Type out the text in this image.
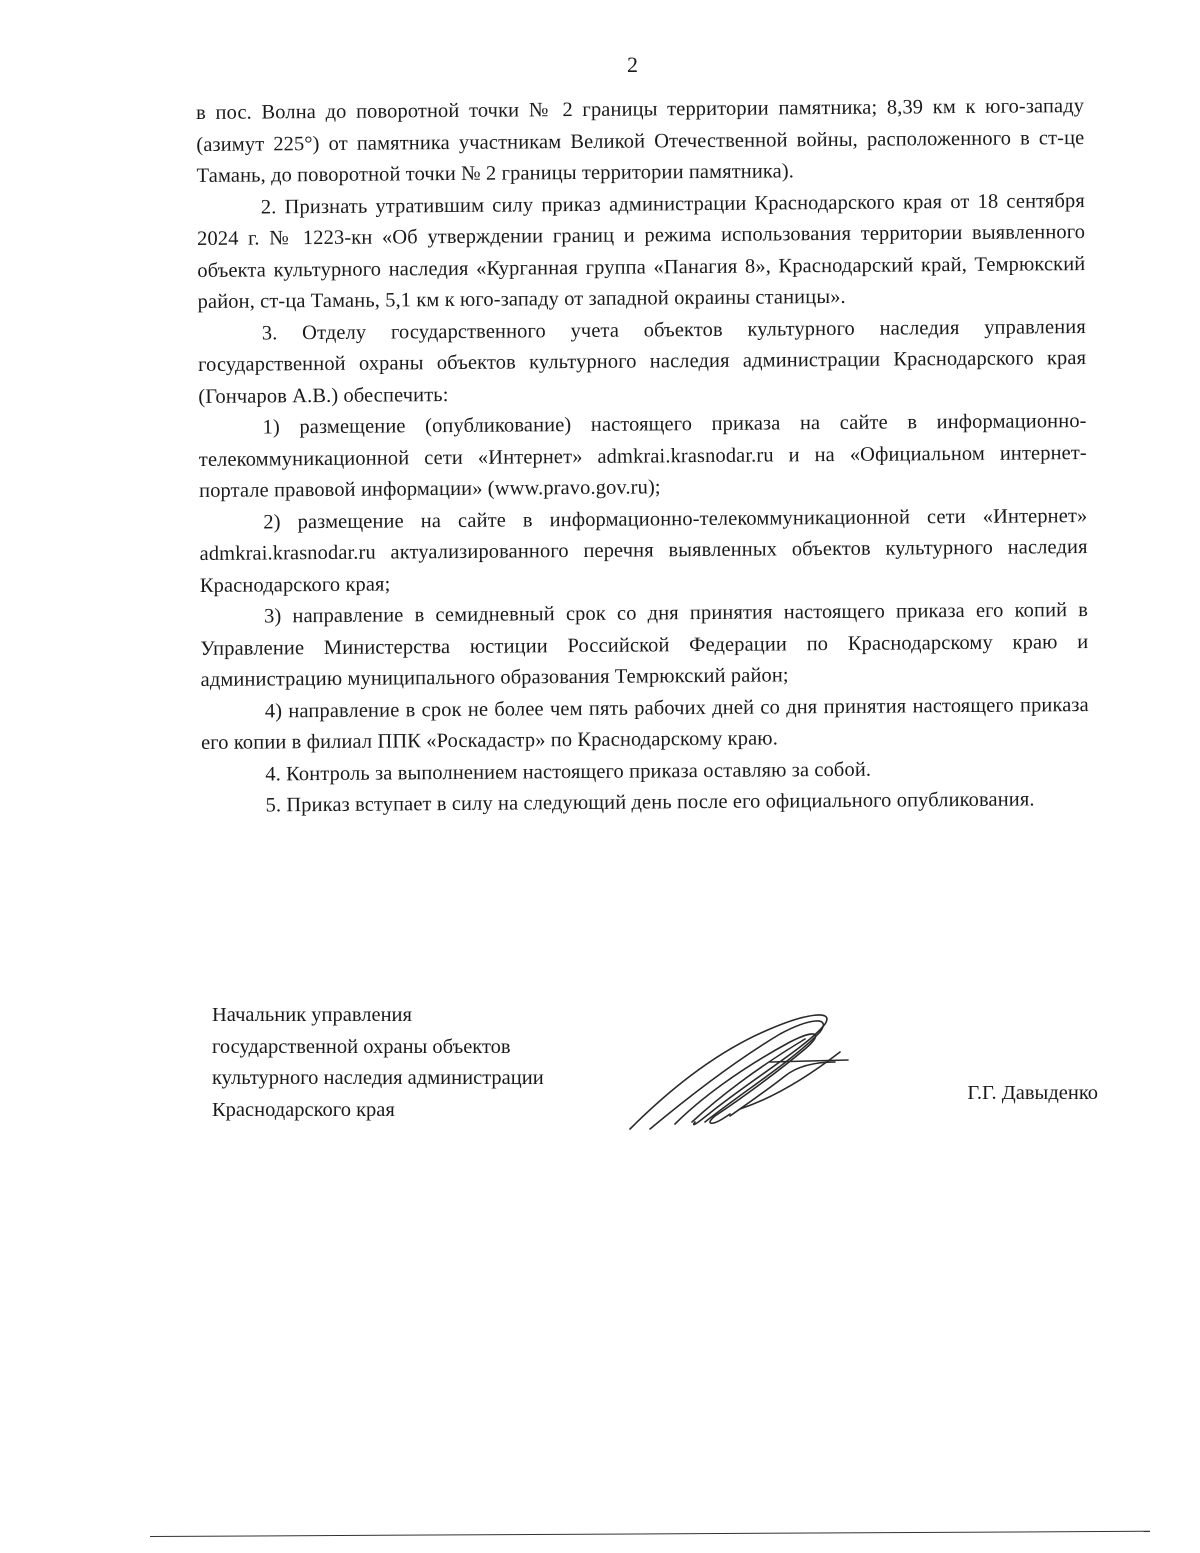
2

в пос. Волна до поворотной точки № 2 границы территории памятника; 8,39 км к юго-западу (азимут 225°) от памятника участникам Великой Отечественной войны, расположенного в ст-це Тамань, до поворотной точки № 2 границы территории памятника).

2. Признать утратившим силу приказ администрации Краснодарского края от 18 сентября 2024 г. № 1223-кн «Об утверждении границ и режима использования территории выявленного объекта культурного наследия «Курганная группа «Панагия 8», Краснодарский край, Темрюкский район, ст-ца Тамань, 5,1 км к юго-западу от западной окраины станицы».

3. Отделу государственного учета объектов культурного наследия управления государственной охраны объектов культурного наследия администрации Краснодарского края (Гончаров А.В.) обеспечить:

1) размещение (опубликование) настоящего приказа на сайте в информационно-телекоммуникационной сети «Интернет» admkrai.krasnodar.ru и на «Официальном интернет-портале правовой информации» (www.pravo.gov.ru);

2) размещение на сайте в информационно-телекоммуникационной сети «Интернет» admkrai.krasnodar.ru актуализированного перечня выявленных объектов культурного наследия Краснодарского края;

3) направление в семидневный срок со дня принятия настоящего приказа его копий в Управление Министерства юстиции Российской Федерации по Краснодарскому краю и администрацию муниципального образования Темрюкский район;

4) направление в срок не более чем пять рабочих дней со дня принятия настоящего приказа его копии в филиал ППК «Роскадастр» по Краснодарскому краю.

4. Контроль за выполнением настоящего приказа оставляю за собой.

5. Приказ вступает в силу на следующий день после его официального опубликования.

Начальник управления
государственной охраны объектов
культурного наследия администрации
Краснодарского края
Г.Г. Давыденко
